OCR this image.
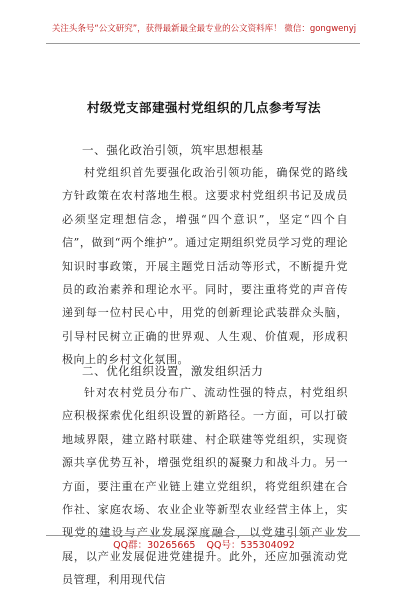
关注头条号“公文研究”，获得最新最全最专业的公文资料库！ 微信：gongwenyj
村级党支部建强村党组织的几点参考写法
一、强化政治引领，筑牢思想根基

村党组织首先要强化政治引领功能，确保党的路线方针政策在农村落地生根。这要求村党组织书记及成员必须坚定理想信念，增强“四个意识”，坚定“四个自信”，做到“两个维护”。通过定期组织党员学习党的理论知识时事政策，开展主题党日活动等形式，不断提升党员的政治素养和理论水平。同时，要注重将党的声音传递到每一位村民心中，用党的创新理论武装群众头脑，引导村民树立正确的世界观、人生观、价值观，形成积极向上的乡村文化氛围。

二、优化组织设置，激发组织活力

针对农村党员分布广、流动性强的特点，村党组织应积极探索优化组织设置的新路径。一方面，可以打破地域界限，建立路村联建、村企联建等党组织，实现资源共享优势互补，增强党组织的凝聚力和战斗力。另一方面，要注重在产业链上建立党组织，将党组织建在合作社、家庭农场、农业企业等新型农业经营主体上，实现党的建设与产业发展深度融合，以党建引领产业发展，以产业发展促进党建提升。此外，还应加强流动党员管理，利用现代信

QQ群：30265665 QQ号：535304092
